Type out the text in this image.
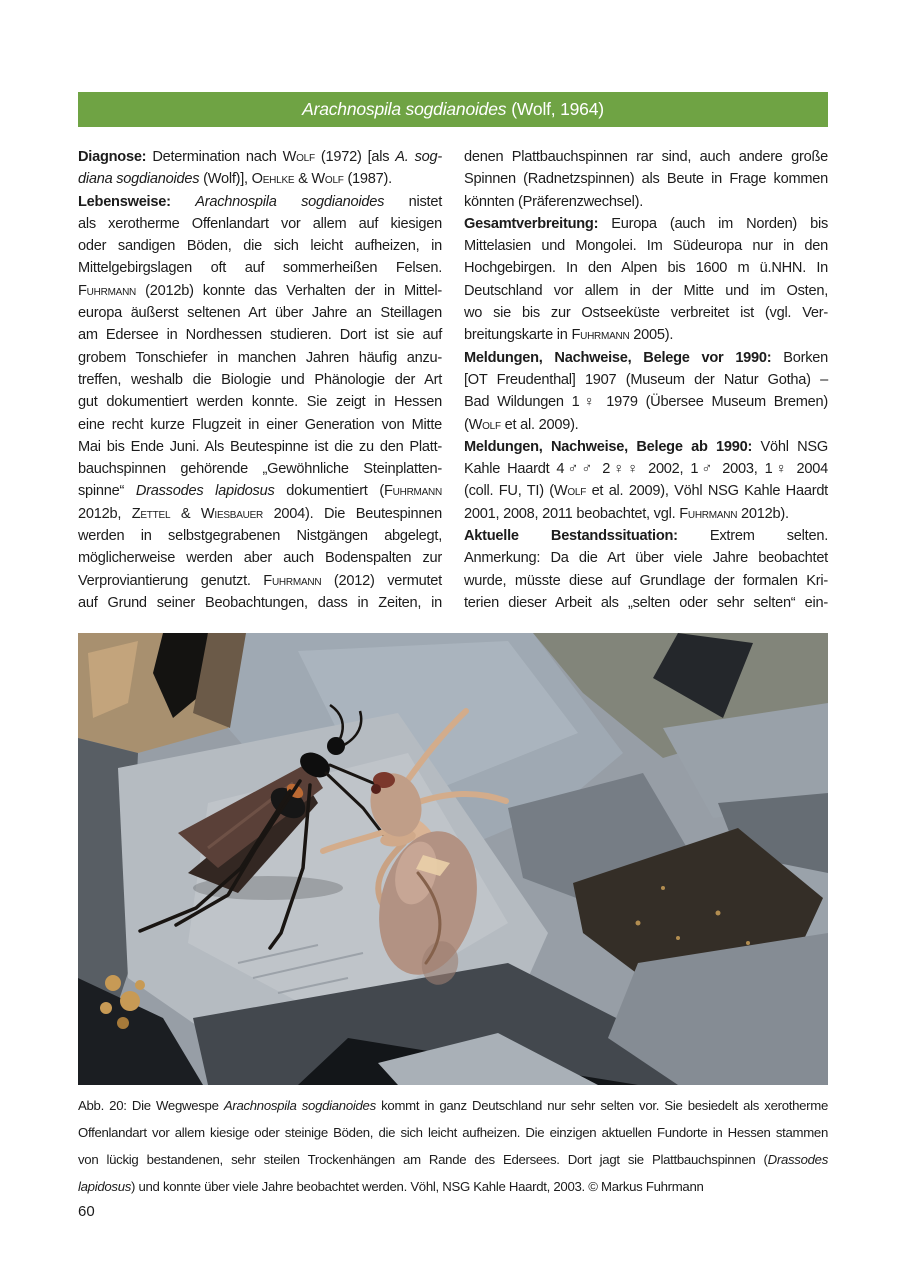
Arachnospila sogdianoides (Wolf, 1964)
Diagnose: Determination nach Wolf (1972) [als A. sog-
diana sogdianoides (Wolf)], Oehlke & Wolf (1987).
Lebensweise: Arachnospila sogdianoides nistet
als xerotherme Offenlandart vor allem auf kiesigen
oder sandigen Böden, die sich leicht aufheizen, in
Mittelgebirgslagen oft auf sommerheißen Felsen.
Fuhrmann (2012b) konnte das Verhalten der in Mittel-
europa äußerst seltenen Art über Jahre an Steillagen
am Edersee in Nordhessen studieren. Dort ist sie auf
grobem Tonschiefer in manchen Jahren häufig anzu-
treffen, weshalb die Biologie und Phänologie der Art
gut dokumentiert werden konnte. Sie zeigt in Hessen
eine recht kurze Flugzeit in einer Generation von Mitte
Mai bis Ende Juni. Als Beutespinne ist die zu den Platt-
bauchspinnen gehörende „Gewöhnliche Steinplatten-
spinne“ Drassodes lapidosus dokumentiert (Fuhrmann
2012b, Zettel & Wiesbauer 2004). Die Beutespinnen
werden in selbstgegrabenen Nistgängen abgelegt,
möglicherweise werden aber auch Bodenspalten zur
Verproviantierung genutzt. Fuhrmann (2012) vermutet
auf Grund seiner Beobachtungen, dass in Zeiten, in
denen Plattbauchspinnen rar sind, auch andere große
Spinnen (Radnetzspinnen) als Beute in Frage kommen
könnten (Präferenzwechsel).
Gesamtverbreitung: Europa (auch im Norden) bis
Mittelasien und Mongolei. Im Südeuropa nur in den
Hochgebirgen. In den Alpen bis 1600 m ü.NHN. In
Deutschland vor allem in der Mitte und im Osten,
wo sie bis zur Ostseeküste verbreitet ist (vgl. Ver-
breitungskarte in Fuhrmann 2005).
Meldungen, Nachweise, Belege vor 1990: Borken
[OT Freudenthal] 1907 (Museum der Natur Gotha) –
Bad Wildungen 1♀ 1979 (Übersee Museum Bremen)
(Wolf et al. 2009).
Meldungen, Nachweise, Belege ab 1990: Vöhl NSG
Kahle Haardt 4♂♂ 2♀♀ 2002, 1♂ 2003, 1♀ 2004
(coll. FU, TI) (Wolf et al. 2009), Vöhl NSG Kahle Haardt
2001, 2008, 2011 beobachtet, vgl. Fuhrmann 2012b).
Aktuelle Bestandssituation: Extrem selten.
Anmerkung: Da die Art über viele Jahre beobachtet
wurde, müsste diese auf Grundlage der formalen Kri-
terien dieser Arbeit als „selten oder sehr selten“ ein-
Abb. 20: Die Wegwespe Arachnospila sogdianoides kommt in ganz Deutschland nur sehr selten vor. Sie besiedelt als xerotherme
Offenlandart vor allem kiesige oder steinige Böden, die sich leicht aufheizen. Die einzigen aktuellen Fundorte in Hessen stammen
von lückig bestandenen, sehr steilen Trockenhängen am Rande des Edersees. Dort jagt sie Plattbauchspinnen (Drassodes
lapidosus) und konnte über viele Jahre beobachtet werden. Vöhl, NSG Kahle Haardt, 2003. © Markus Fuhrmann
60
